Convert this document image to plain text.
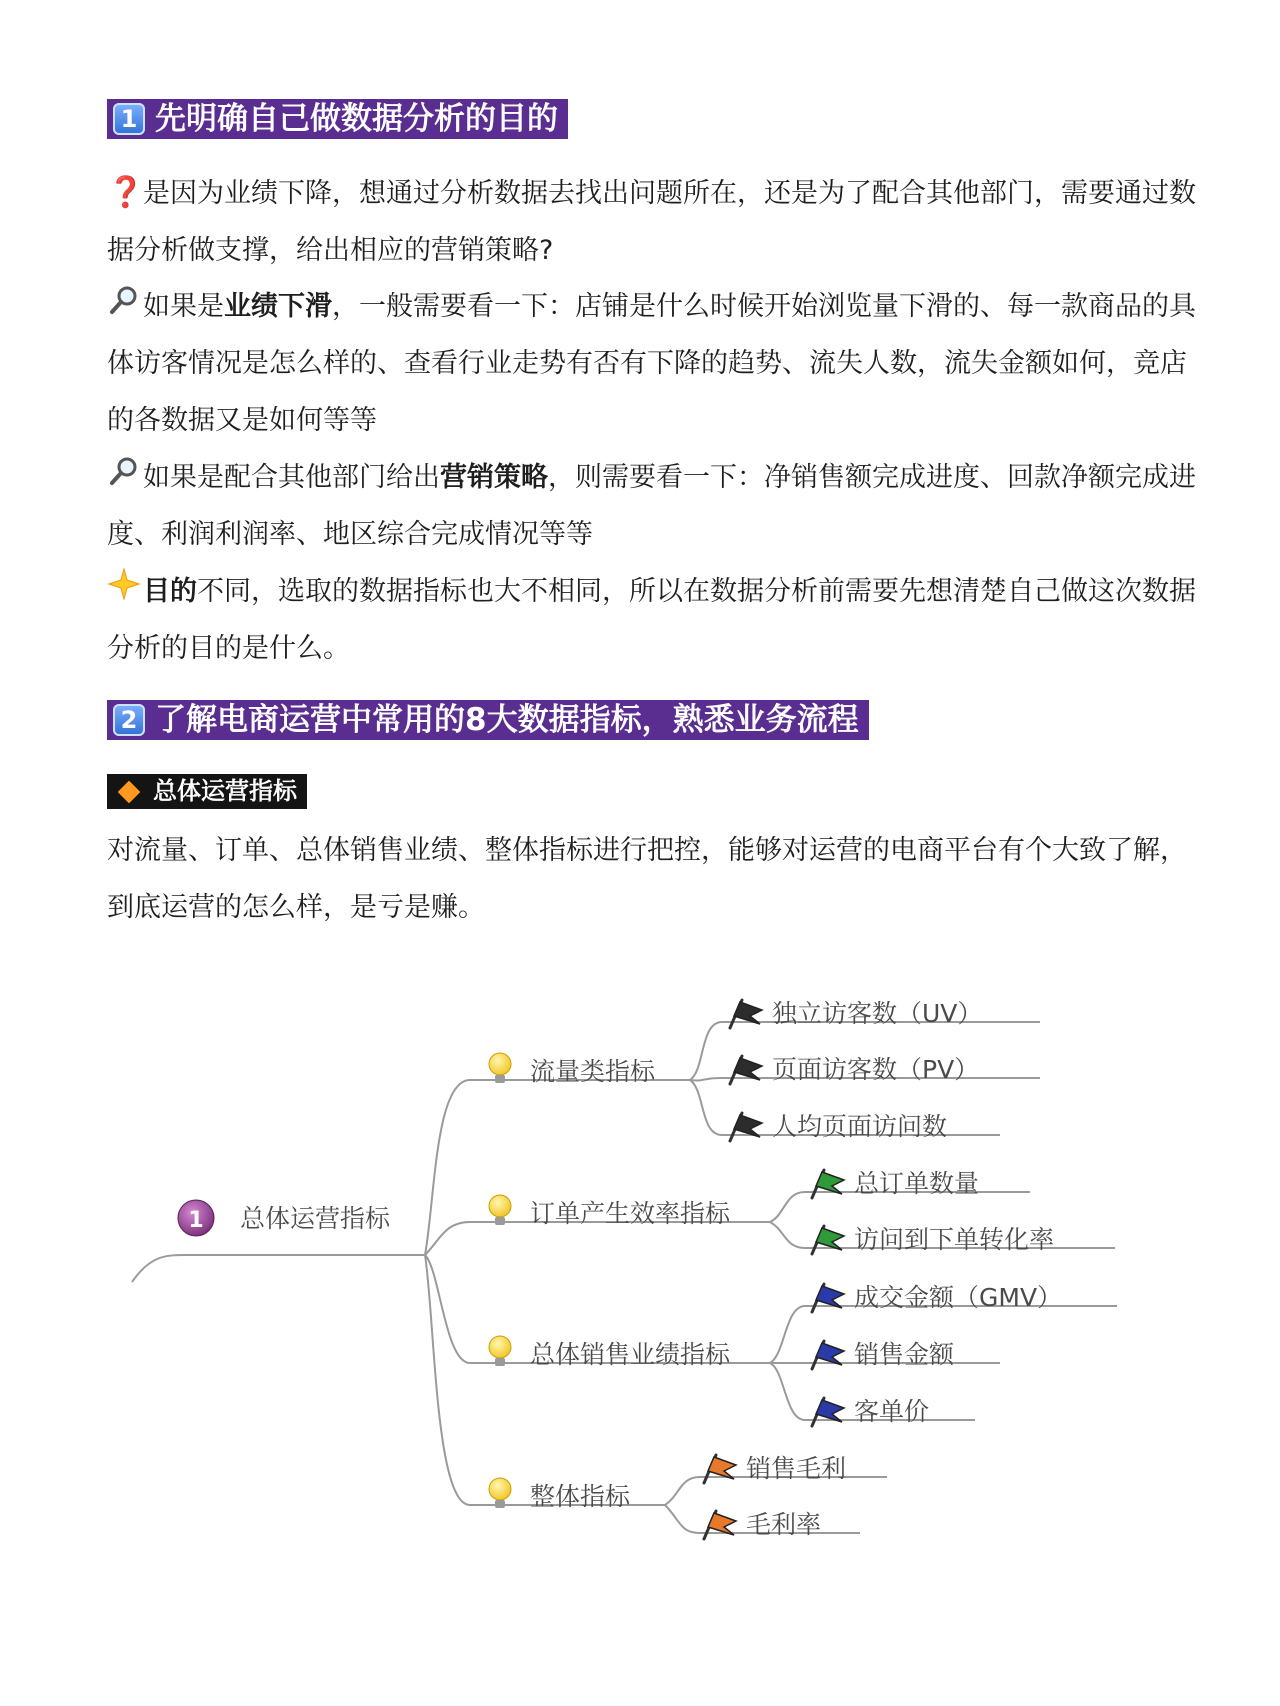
1 先明确自己做数据分析的目的

❓是因为业绩下降，想通过分析数据去找出问题所在，还是为了配合其他部门，需要通过数据分析做支撑，给出相应的营销策略?

如果是业绩下滑，一般需要看一下：店铺是什么时候开始浏览量下滑的、每一款商品的具体访客情况是怎么样的、查看行业走势有否有下降的趋势、流失人数，流失金额如何，竞店的各数据又是如何等等

如果是配合其他部门给出营销策略，则需要看一下：净销售额完成进度、回款净额完成进度、利润利润率、地区综合完成情况等等

目的不同，选取的数据指标也大不相同，所以在数据分析前需要先想清楚自己做这次数据分析的目的是什么。

2 了解电商运营中常用的8大数据指标，熟悉业务流程
总体运营指标

对流量、订单、总体销售业绩、整体指标进行把控，能够对运营的电商平台有个大致了解，到底运营的怎么样，是亏是赚。

1 总体运营指标
流量类指标
独立访客数（UV）
页面访客数（PV）
人均页面访问数
订单产生效率指标
总订单数量
访问到下单转化率
总体销售业绩指标
成交金额（GMV）
销售金额
客单价
整体指标
销售毛利
毛利率
